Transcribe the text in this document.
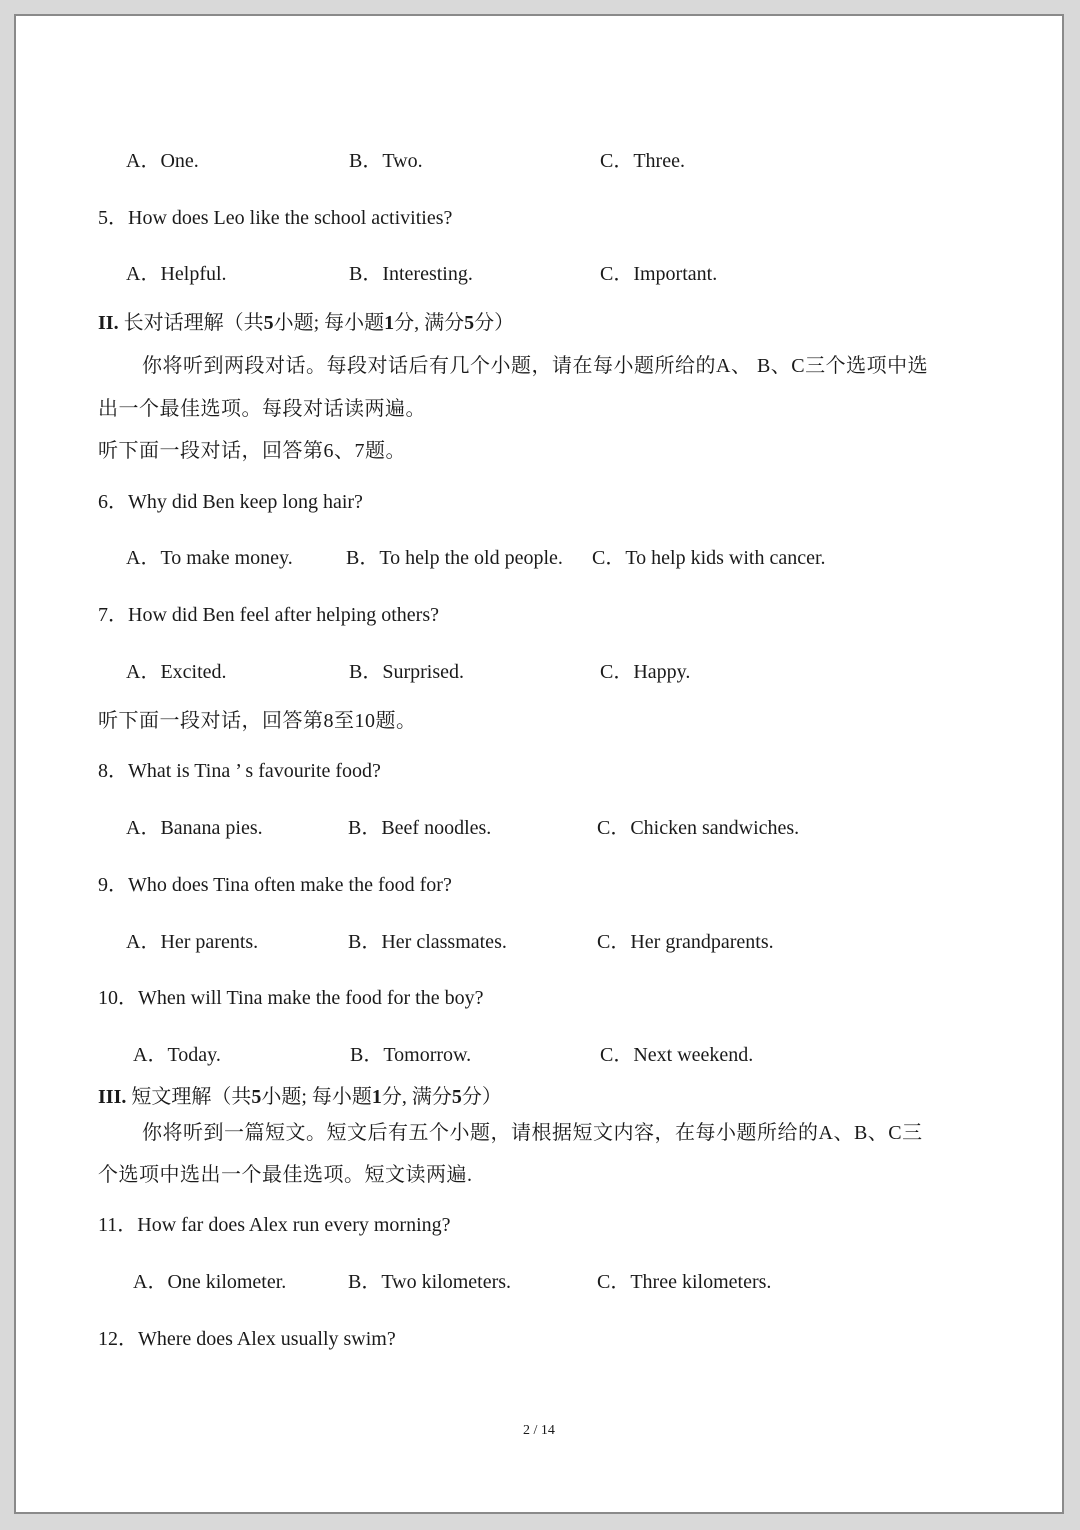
A．One.	B．Two.	C．Three.
5．How does Leo like the school activities?
A．Helpful.	B．Interesting.	C．Important.
II. 长对话理解（共5小题; 每小题1分, 满分5分）
你将听到两段对话。每段对话后有几个小题，请在每小题所给的A、 B、C三个选项中选
出一个最佳选项。每段对话读两遍。
听下面一段对话，回答第6、7题。
6．Why did Ben keep long hair?
A．To make money.	B．To help the old people. C．To help kids with cancer.
7．How did Ben feel after helping others?
A．Excited.	B．Surprised.	C．Happy.
听下面一段对话，回答第8至10题。
8．What is Tina ’ s favourite food?
A．Banana pies.	B．Beef noodles.	C．Chicken sandwiches.
9．Who does Tina often make the food for?
A．Her parents.	B．Her classmates.	C．Her grandparents.
10．When will Tina make the food for the boy?
A．Today.	B．Tomorrow.	C．Next weekend.
III. 短文理解（共5小题; 每小题1分, 满分5分）
你将听到一篇短文。短文后有五个小题，请根据短文内容，在每小题所给的A、B、C三
个选项中选出一个最佳选项。短文读两遍.
11．How far does Alex run every morning?
A．One kilometer.	B．Two kilometers.	C．Three kilometers.
12．Where does Alex usually swim?
2 / 14
